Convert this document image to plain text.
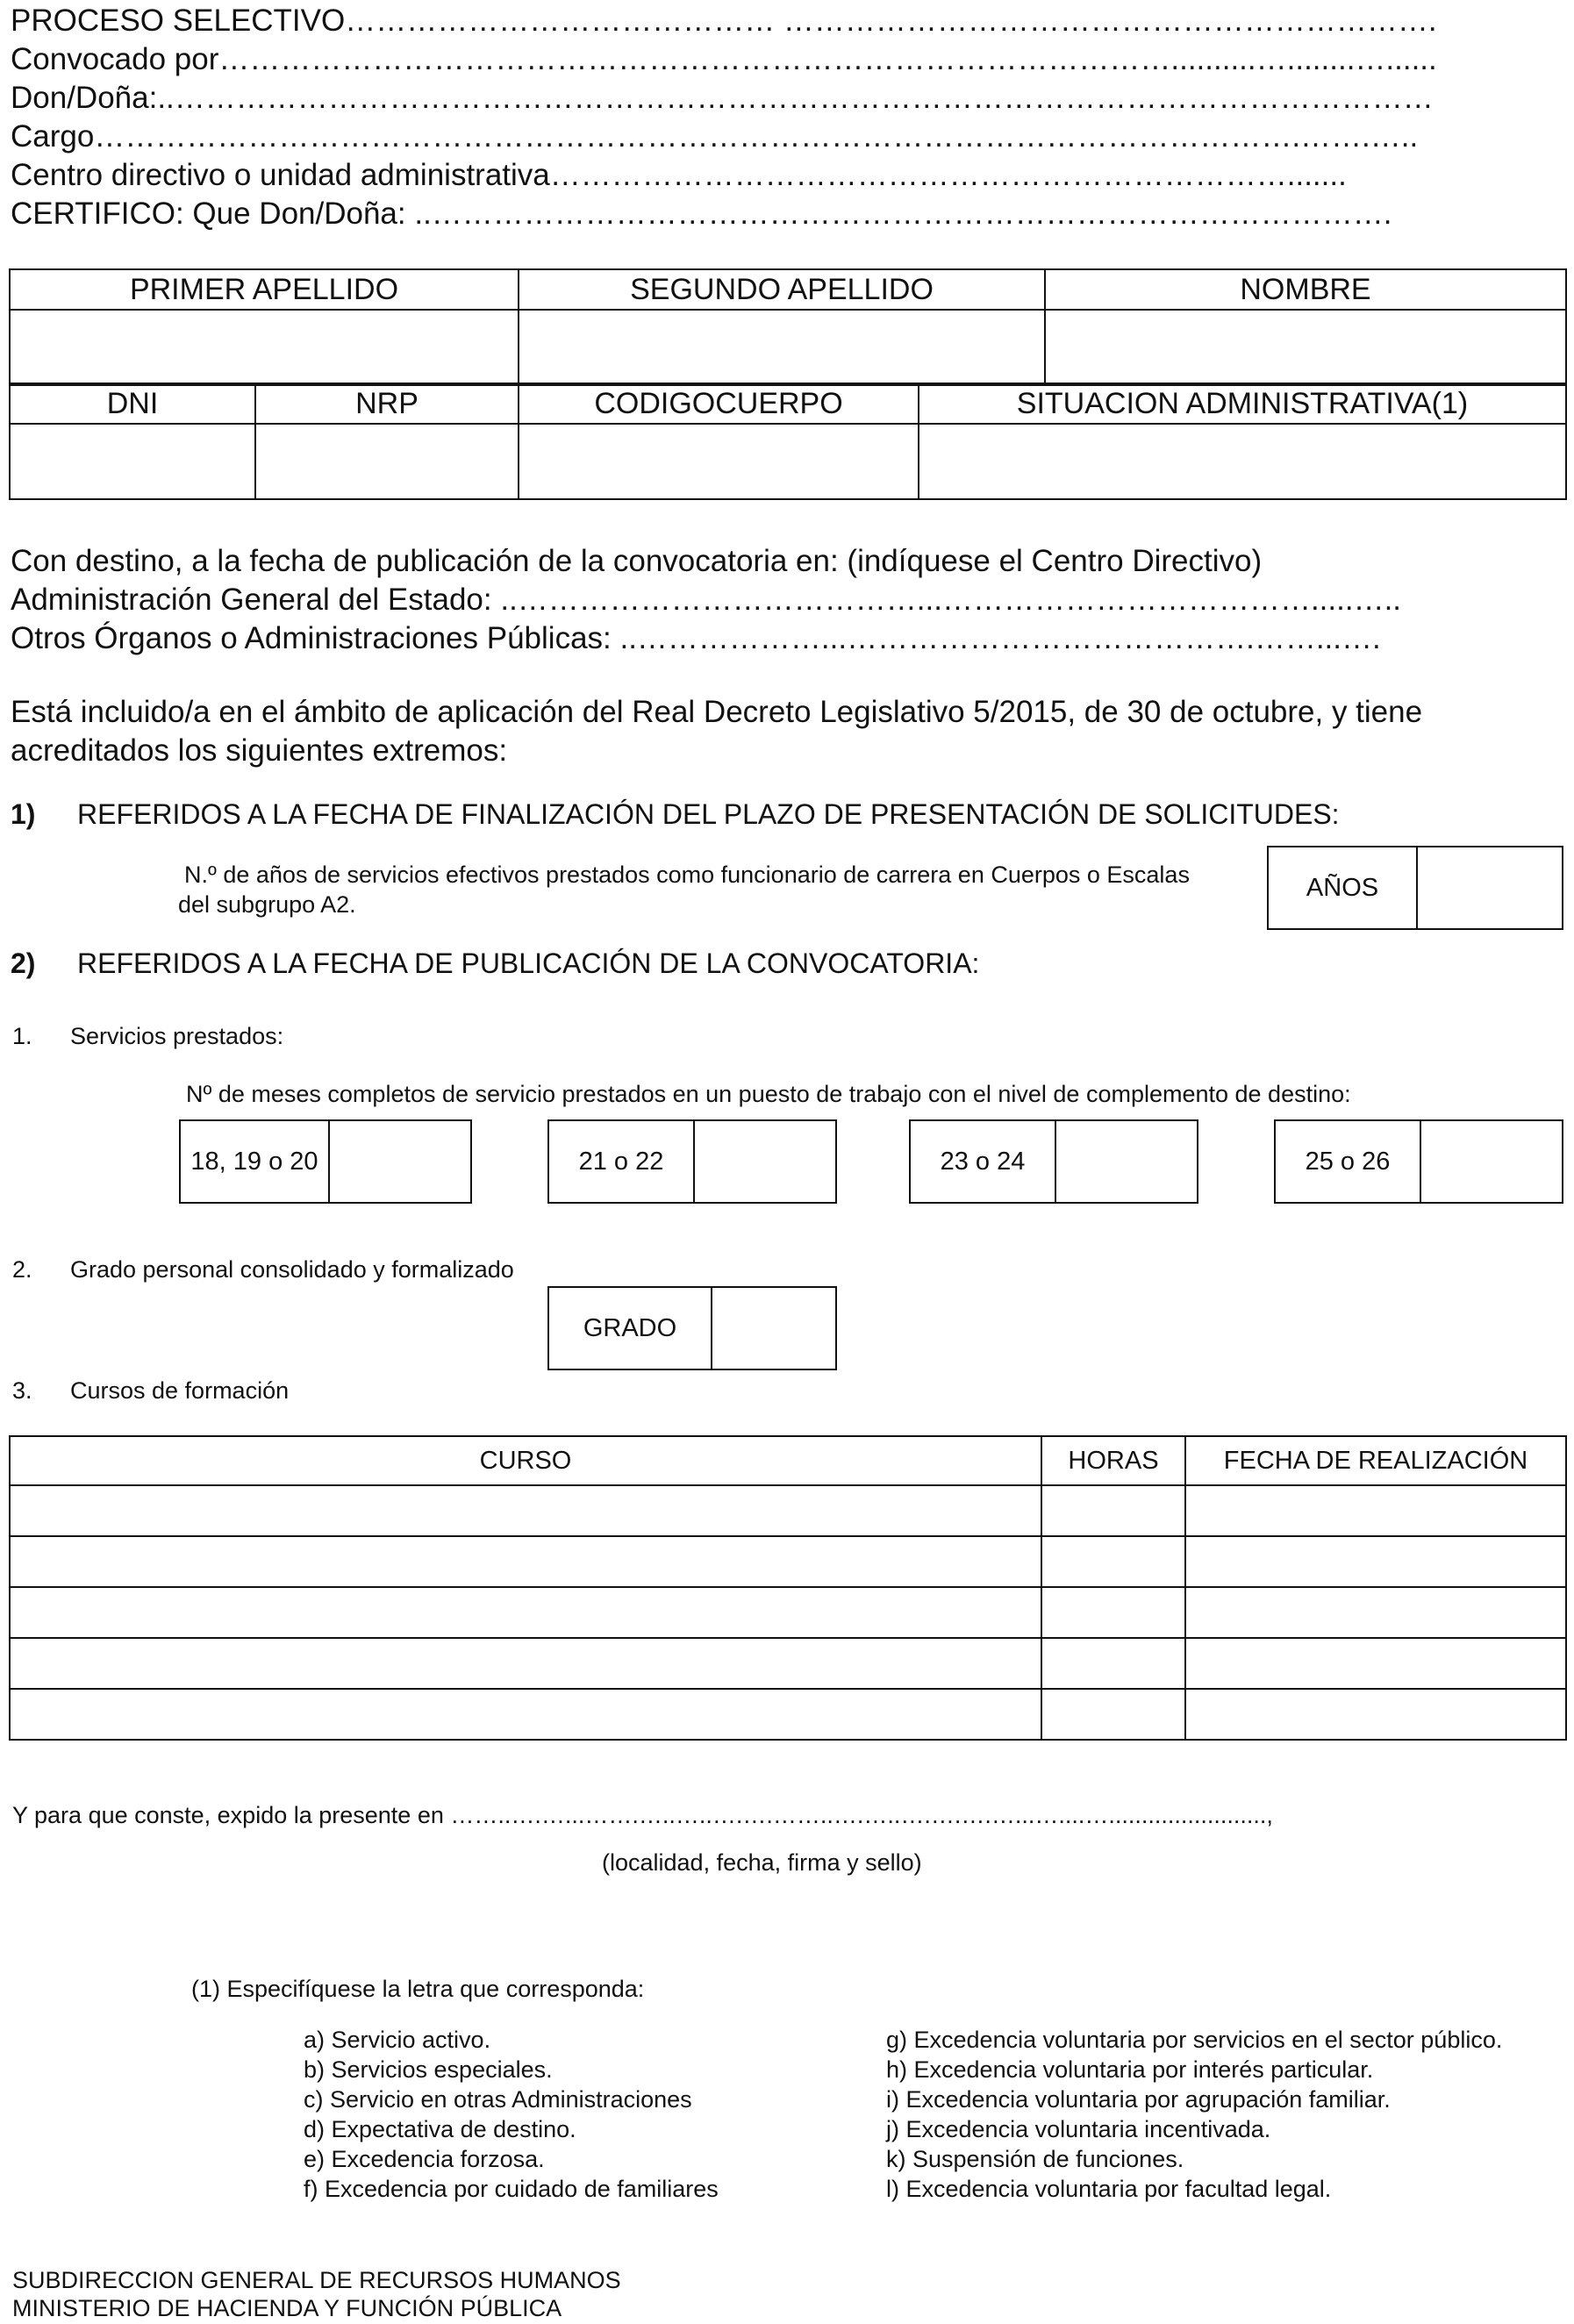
PROCESO SELECTIVO…………………………………… ……………………………………………………….
Convocado por…………………………………………………………………………………..........…........…......
Don/Doña:..……………………………………………………………………………………………………………
Cargo……………………………………………………………………………………………………….…….…..
Centro directivo o unidad administrativa……………………………………………………………….......
CERTIFICO: Que Don/Doña: ..………………………………………………………………………………….
PRIMER APELLIDO	SEGUNDO APELLIDO	NOMBRE

DNI	NRP	CODIGOCUERPO	SITUACION ADMINISTRATIVA(1)

Con destino, a la fecha de publicación de la convocatoria en: (indíquese el Centro Directivo)
Administración General del Estado: ..…………………………………...……………………………….....…..
Otros Órganos o Administraciones Públicas: ..………………...………………………………….……...….
Está incluido/a en el ámbito de aplicación del Real Decreto Legislativo 5/2015, de 30 de octubre, y tiene
acreditados los siguientes extremos:
1) REFERIDOS A LA FECHA DE FINALIZACIÓN DEL PLAZO DE PRESENTACIÓN DE SOLICITUDES:
N.º de años de servicios efectivos prestados como funcionario de carrera en Cuerpos o Escalas
del subgrupo A2.
AÑOS
2) REFERIDOS A LA FECHA DE PUBLICACIÓN DE LA CONVOCATORIA:
1. Servicios prestados:
Nº de meses completos de servicio prestados en un puesto de trabajo con el nivel de complemento de destino:
18, 19 o 20	21 o 22	23 o 24	25 o 26
2. Grado personal consolidado y formalizado
GRADO
3. Cursos de formación
CURSO	HORAS	FECHA DE REALIZACIÓN

Y para que conste, expido la presente en ……..….…...…….…..…..….….……..….…..….….….…...…....…........................,
(localidad, fecha, firma y sello)
(1) Especifíquese la letra que corresponda:
a) Servicio activo.
b) Servicios especiales.
c) Servicio en otras Administraciones
d) Expectativa de destino.
e) Excedencia forzosa.
f) Excedencia por cuidado de familiares
g) Excedencia voluntaria por servicios en el sector público.
h) Excedencia voluntaria por interés particular.
i) Excedencia voluntaria por agrupación familiar.
j) Excedencia voluntaria incentivada.
k) Suspensión de funciones.
l) Excedencia voluntaria por facultad legal.
SUBDIRECCION GENERAL DE RECURSOS HUMANOS
MINISTERIO DE HACIENDA Y FUNCIÓN PÚBLICA
